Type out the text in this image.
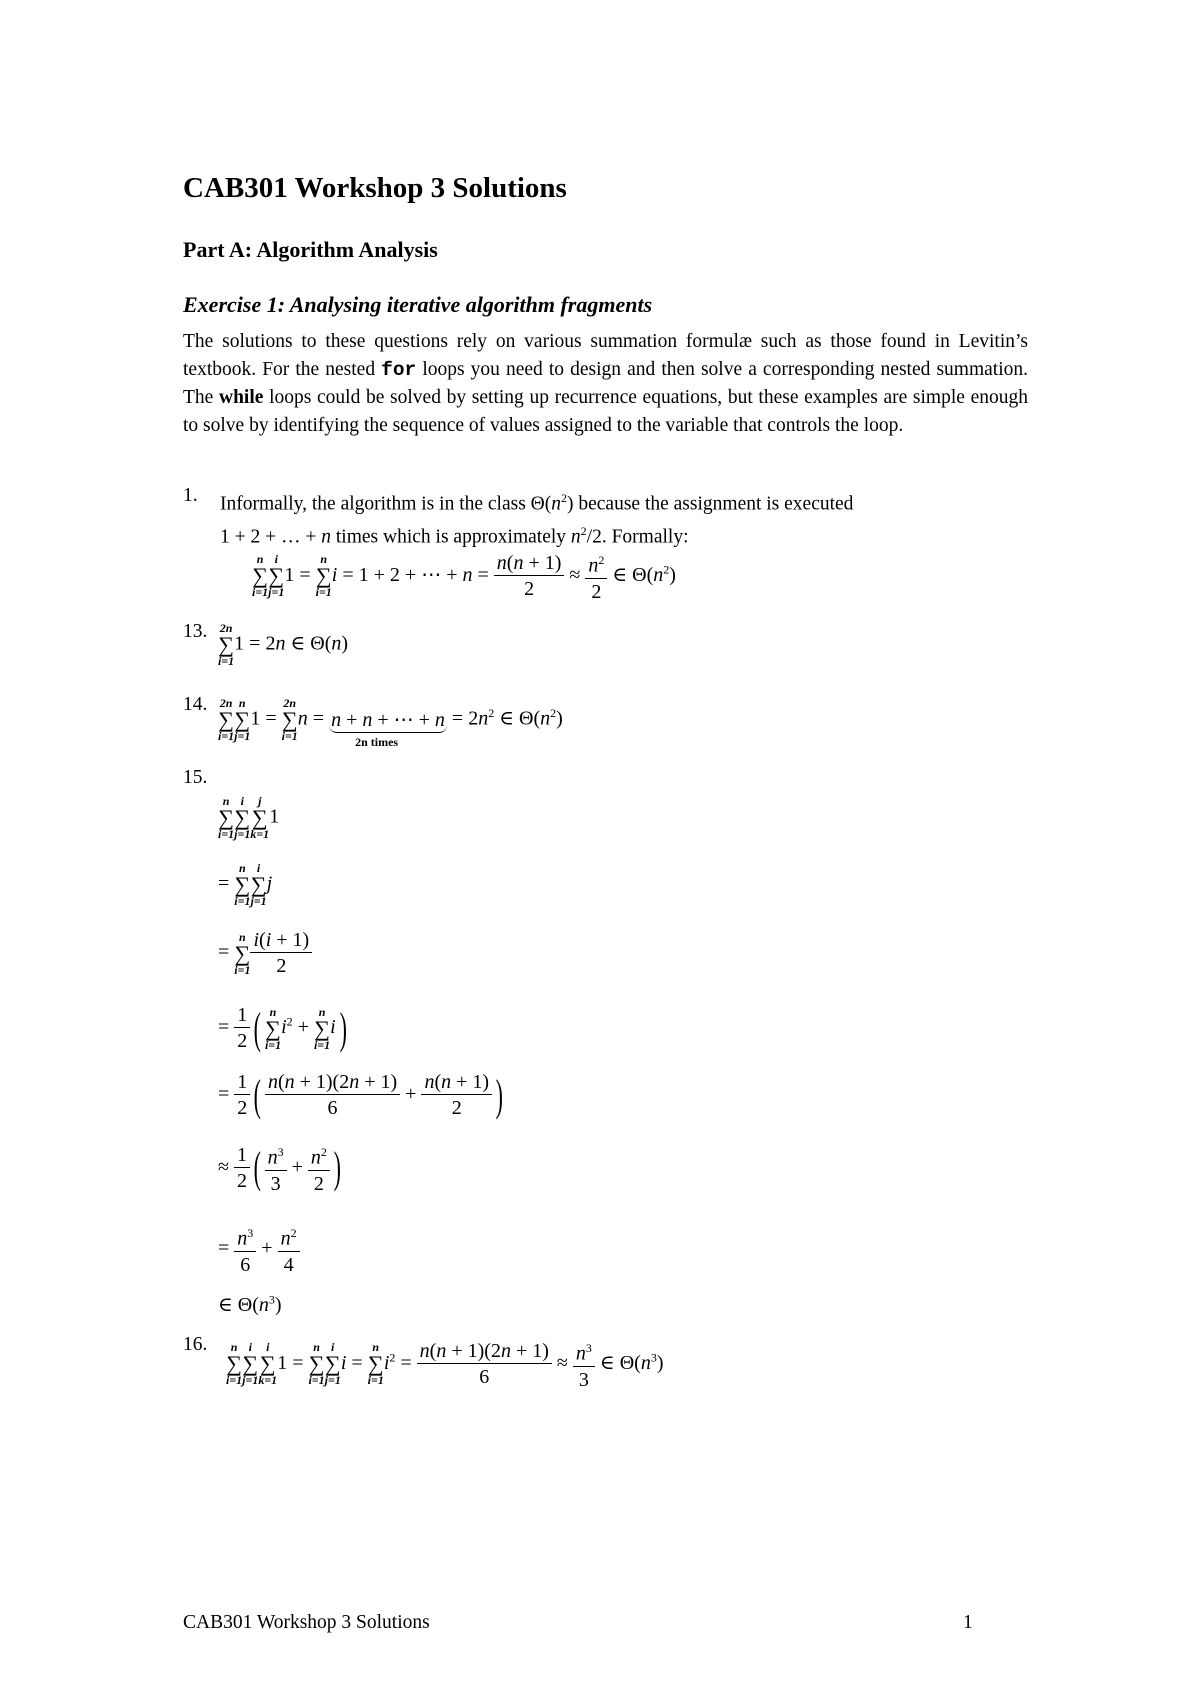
CAB301 Workshop 3 Solutions
Part A: Algorithm Analysis
Exercise 1: Analysing iterative algorithm fragments
The solutions to these questions rely on various summation formulæ such as those found in Levitin’s textbook. For the nested for loops you need to design and then solve a corresponding nested summation. The while loops could be solved by setting up recurrence equations, but these examples are simple enough to solve by identifying the sequence of values assigned to the variable that controls the loop.
1. Informally, the algorithm is in the class $\Theta(n^2)$ because the assignment is executed
1 + 2 + … + n times which is approximately $n^2/2$. Formally:
n
∑
i=1
i
∑
j=1
1 =
n
∑
i=1
i = 1 + 2 + ⋯ + $n = \frac{n(n + 1)}{2} \approx \frac{n^2}{2}$ ∈ $\Theta(n^2)$
13. 2n
∑
i=1
1 = 2n ∈ Θ(n)
14. 2n
∑
i=1
n
∑
j=1
1 =
2n
∑
i=1
n = n + n + ⋯ + n
2n times
= $2n^2$ ∈ $\Theta(n^2)$
15.
n
∑
i=1
i
∑
j=1
j
∑
k=1
1
=
n
∑
i=1
i
∑
j=1
j
=
n
∑
$i=1 \frac{i(i + 1)}{2}$
= $\frac{1}{2}$ ( n
∑
i=1
$i^2$ +
n
∑
i=1
i)
= $\frac{1}{2}$ ( $\frac{n(n + 1)(2n + 1)}{6} + \frac{n(n + 1)}{2}$ )
≈ $\frac{1}{2}$ ( $\frac{n^3}{3} + \frac{n^2}{2}$ )
= $\frac{n^3}{6} + \frac{n^2}{4}$
∈ $\Theta(n^3)$
16.	n
∑
i=1
i
∑
j=1
i
∑
k=1
1 =
n
∑
i=1
i
∑
j=1
i =
n
∑
i=1
$i^2 = \frac{n(n + 1)(2n + 1)}{6} \approx \frac{n^3}{3}$ ∈ $\Theta(n^3)$
CAB301 Workshop 3 Solutions	1
